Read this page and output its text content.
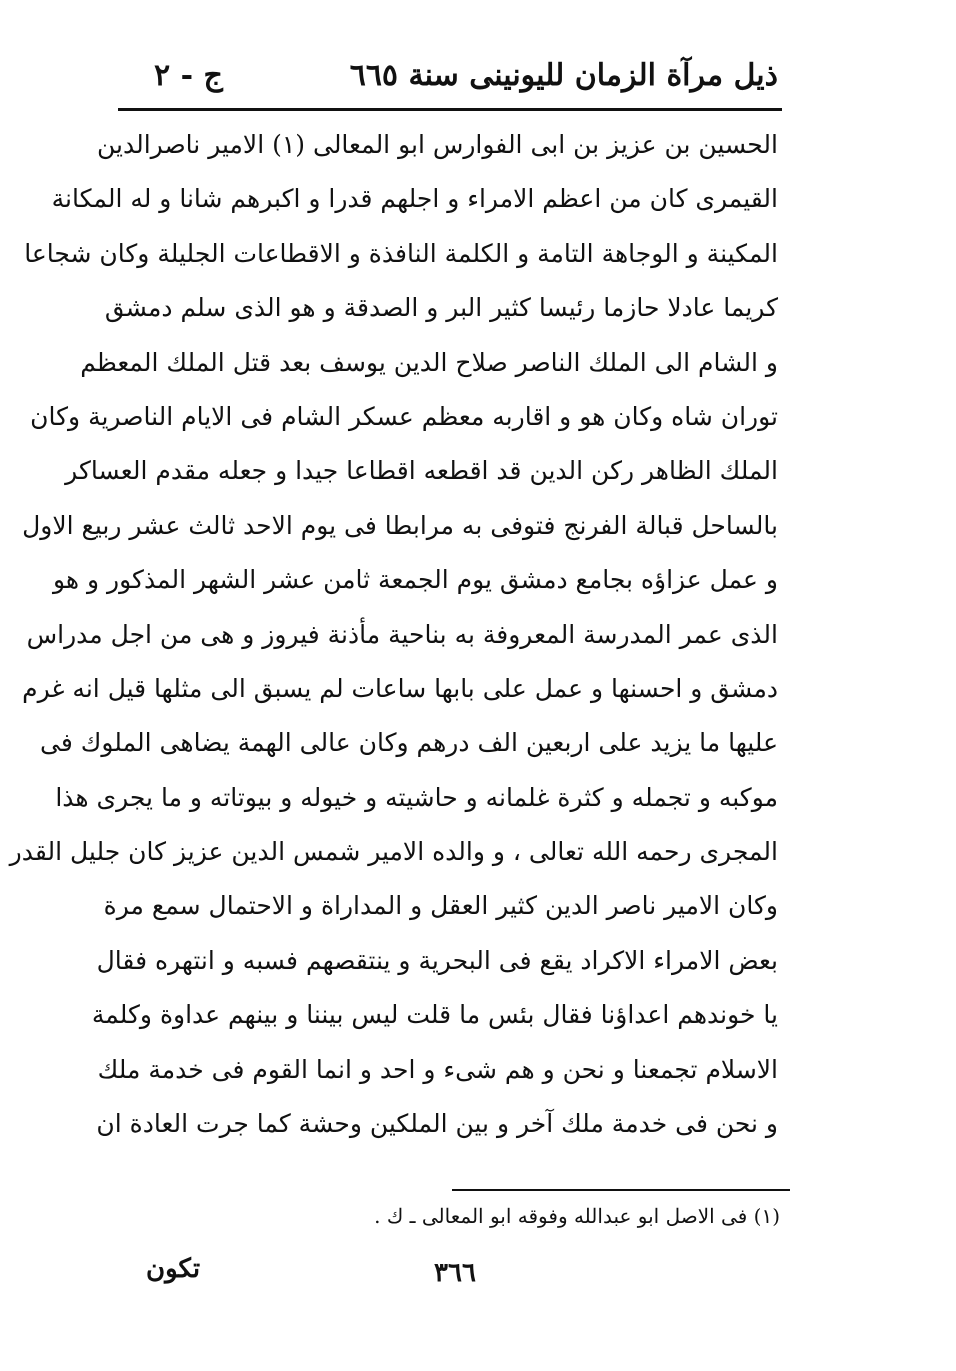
ذيل مرآة الزمان لليونينى سنة ٦٦٥
ج - ٢
الحسين بن عزيز بن ابى الفوارس ابو المعالى (١) الامير ناصرالدين
القيمرى كان من اعظم الامراء و اجلهم قدرا و اكبرهم شانا و له المكانة
المكينة و الوجاهة التامة و الكلمة النافذة و الاقطاعات الجليلة وكان شجاعا
كريما عادلا حازما رئيسا كثير البر و الصدقة و هو الذى سلم دمشق
و الشام الى الملك الناصر صلاح الدين يوسف بعد قتل الملك المعظم
توران شاه وكان هو و اقاربه معظم عسكر الشام فى الايام الناصرية وكان
الملك الظاهر ركن الدين قد اقطعه اقطاعا جيدا و جعله مقدم العساكر
بالساحل قبالة الفرنج فتوفى به مرابطا فى يوم الاحد ثالث عشر ربيع الاول
و عمل عزاؤه بجامع دمشق يوم الجمعة ثامن عشر الشهر المذكور و هو
الذى عمر المدرسة المعروفة به بناحية مأذنة فيروز و هى من اجل مدراس
دمشق و احسنها و عمل على بابها ساعات لم يسبق الى مثلها قيل انه غرم
عليها ما يزيد على اربعين الف درهم وكان عالى الهمة يضاهى الملوك فى
موكبه و تجمله و كثرة غلمانه و حاشيته و خيوله و بيوتاته و ما يجرى هذا
المجرى رحمه الله تعالى ، و والده الامير شمس الدين عزيز كان جليل القدر
وكان الامير ناصر الدين كثير العقل و المداراة و الاحتمال سمع مرة
بعض الامراء الاكراد يقع فى البحرية و ينتقصهم فسبه و انتهره فقال
يا خوندهم اعداؤنا فقال بئس ما قلت ليس بيننا و بينهم عداوة وكلمة
الاسلام تجمعنا و نحن و هم شىء و احد و انما القوم فى خدمة ملك
و نحن فى خدمة ملك آخر و بين الملكين وحشة كما جرت العادة ان
(١) فى الاصل ابو عبدالله وفوقه ابو المعالى ـ ك .
٣٦٦
تكون
